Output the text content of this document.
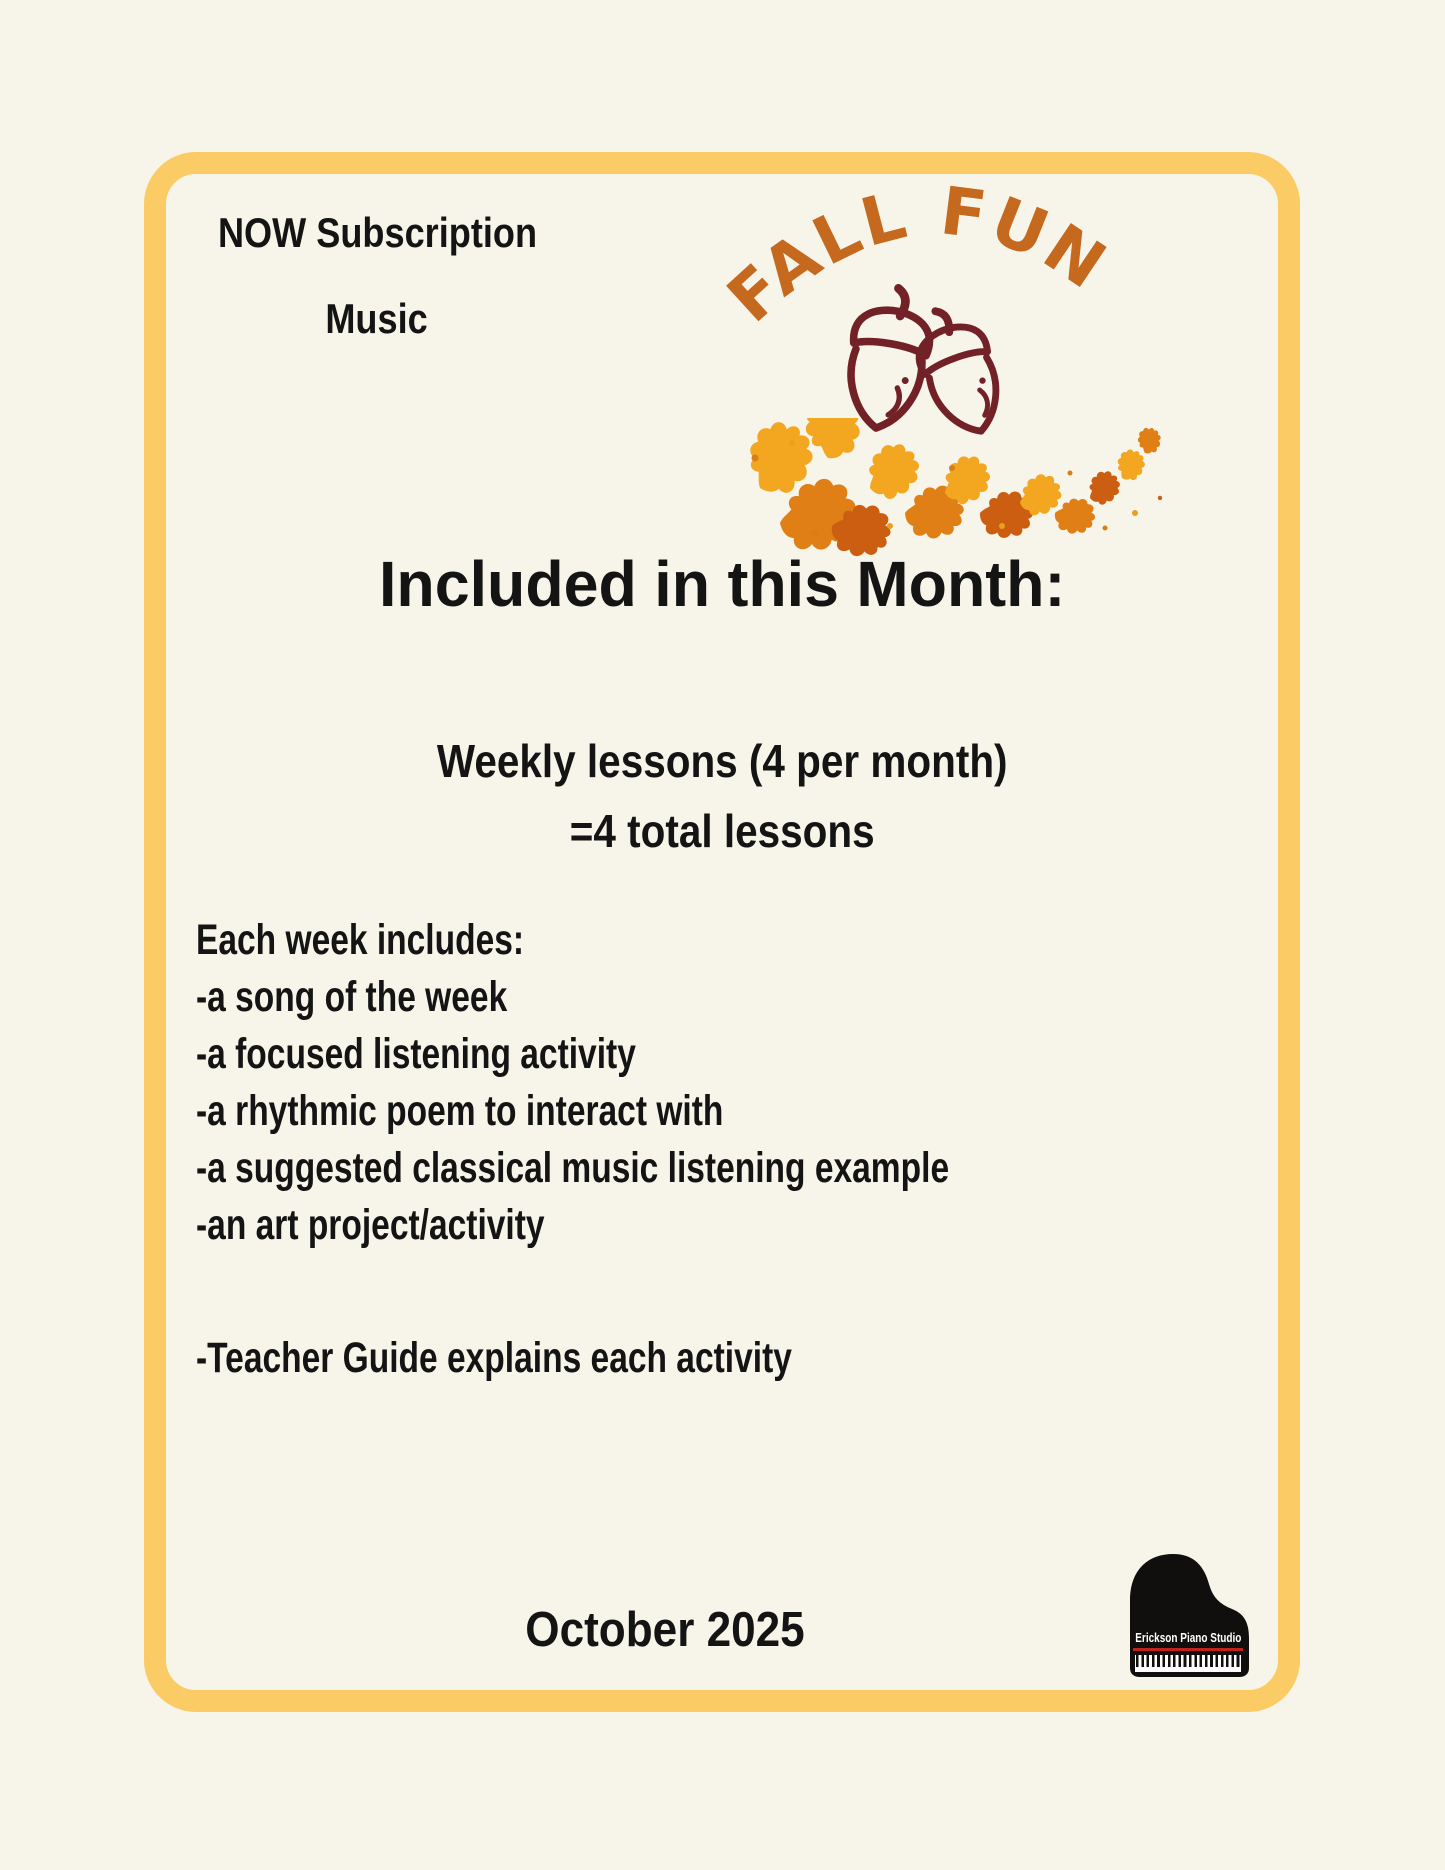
NOW Subscription
Music	FALL FUN
Included in this Month:
Weekly lessons (4 per month)
=4 total lessons
Each week includes:
-a song of the week
-a focused listening activity
-a rhythmic poem to interact with
-a suggested classical music listening example
-an art project/activity
-Teacher Guide explains each activity
October 2025	Erickson Piano Studio
